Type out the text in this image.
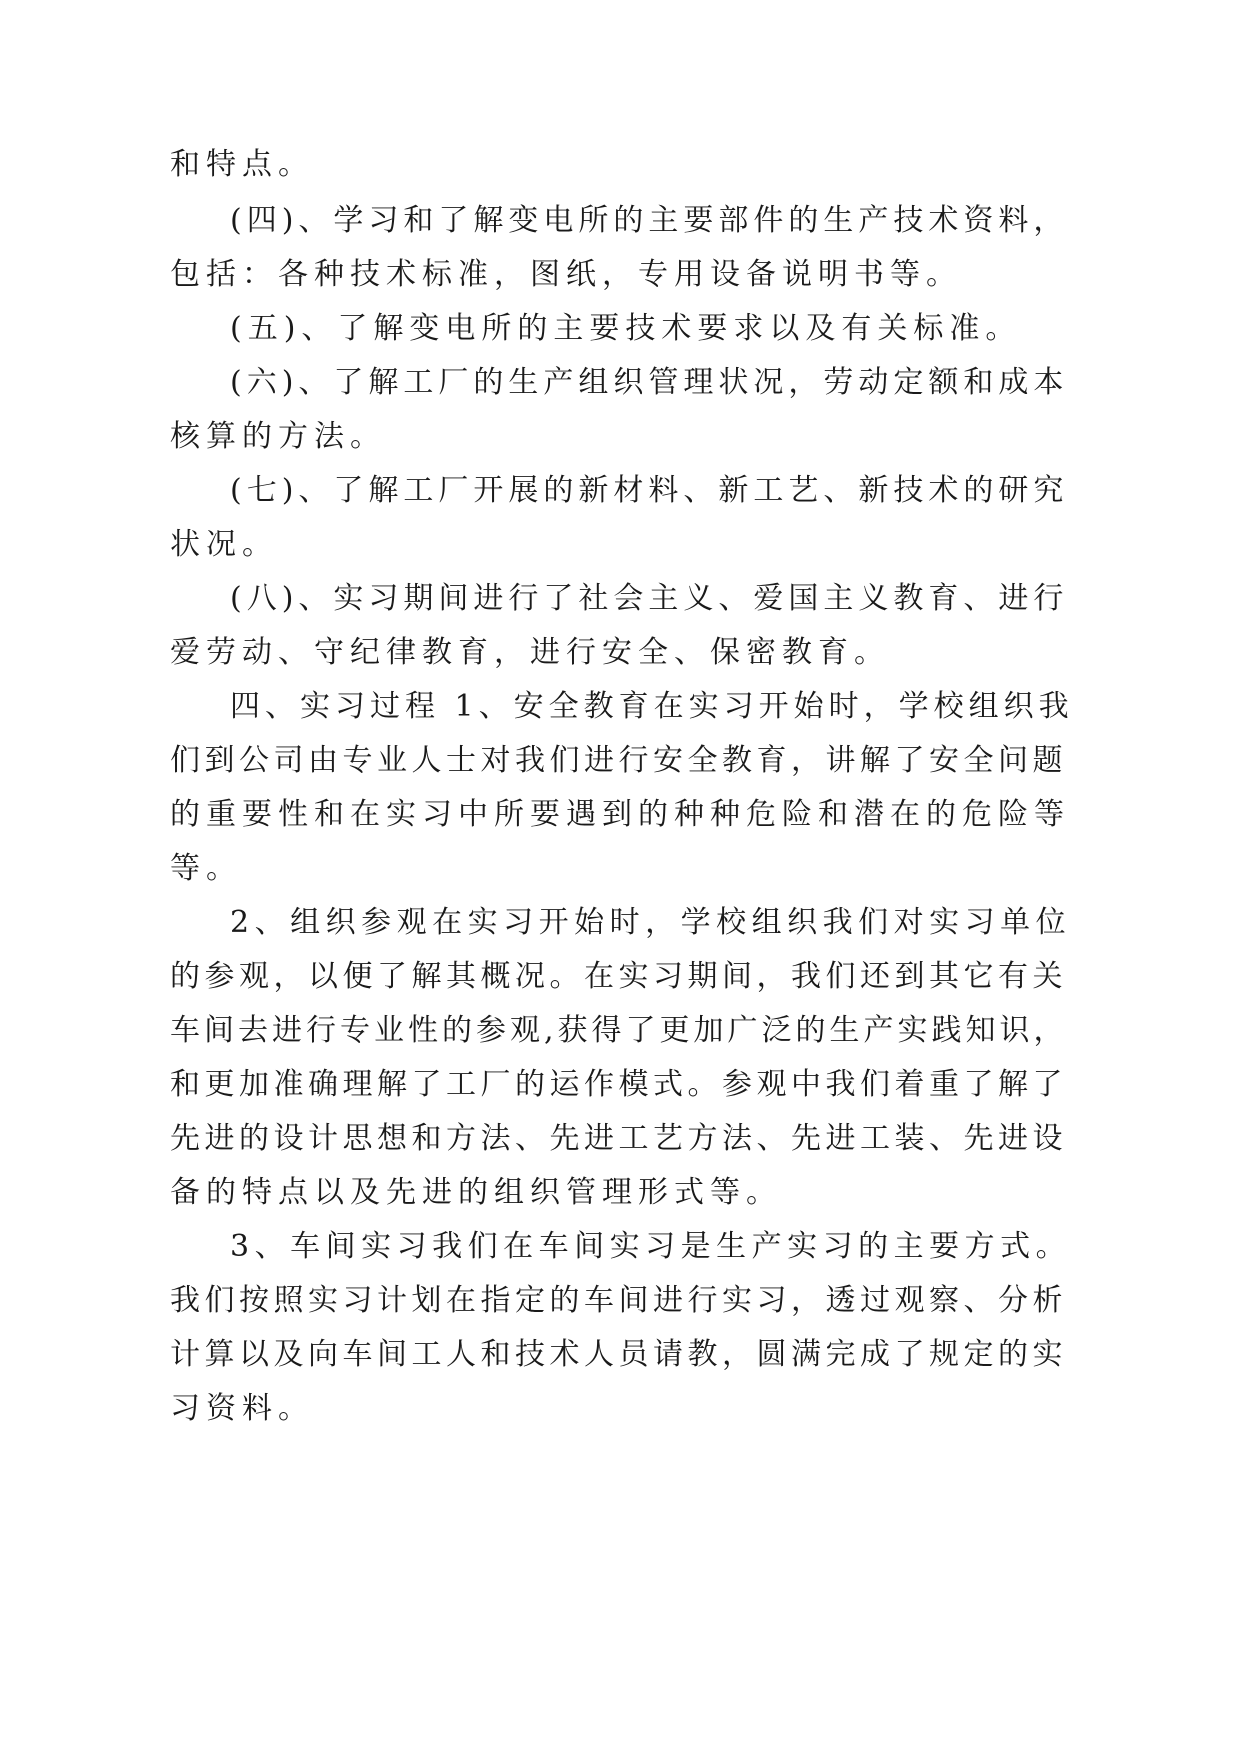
和特点。
(四)、学习和了解变电所的主要部件的生产技术资料，
包括：各种技术标准，图纸，专用设备说明书等。
(五)、了解变电所的主要技术要求以及有关标准。
(六)、了解工厂的生产组织管理状况，劳动定额和成本
核算的方法。
(七)、了解工厂开展的新材料、新工艺、新技术的研究
状况。
(八)、实习期间进行了社会主义、爱国主义教育、进行
爱劳动、守纪律教育，进行安全、保密教育。
四、实习过程 1、安全教育在实习开始时，学校组织我
们到公司由专业人士对我们进行安全教育，讲解了安全问题
的重要性和在实习中所要遇到的种种危险和潜在的危险等
等。
2、组织参观在实习开始时，学校组织我们对实习单位
的参观，以便了解其概况。在实习期间，我们还到其它有关
车间去进行专业性的参观,获得了更加广泛的生产实践知识，
和更加准确理解了工厂的运作模式。参观中我们着重了解了
先进的设计思想和方法、先进工艺方法、先进工装、先进设
备的特点以及先进的组织管理形式等。
3、车间实习我们在车间实习是生产实习的主要方式。
我们按照实习计划在指定的车间进行实习，透过观察、分析
计算以及向车间工人和技术人员请教，圆满完成了规定的实
习资料。
